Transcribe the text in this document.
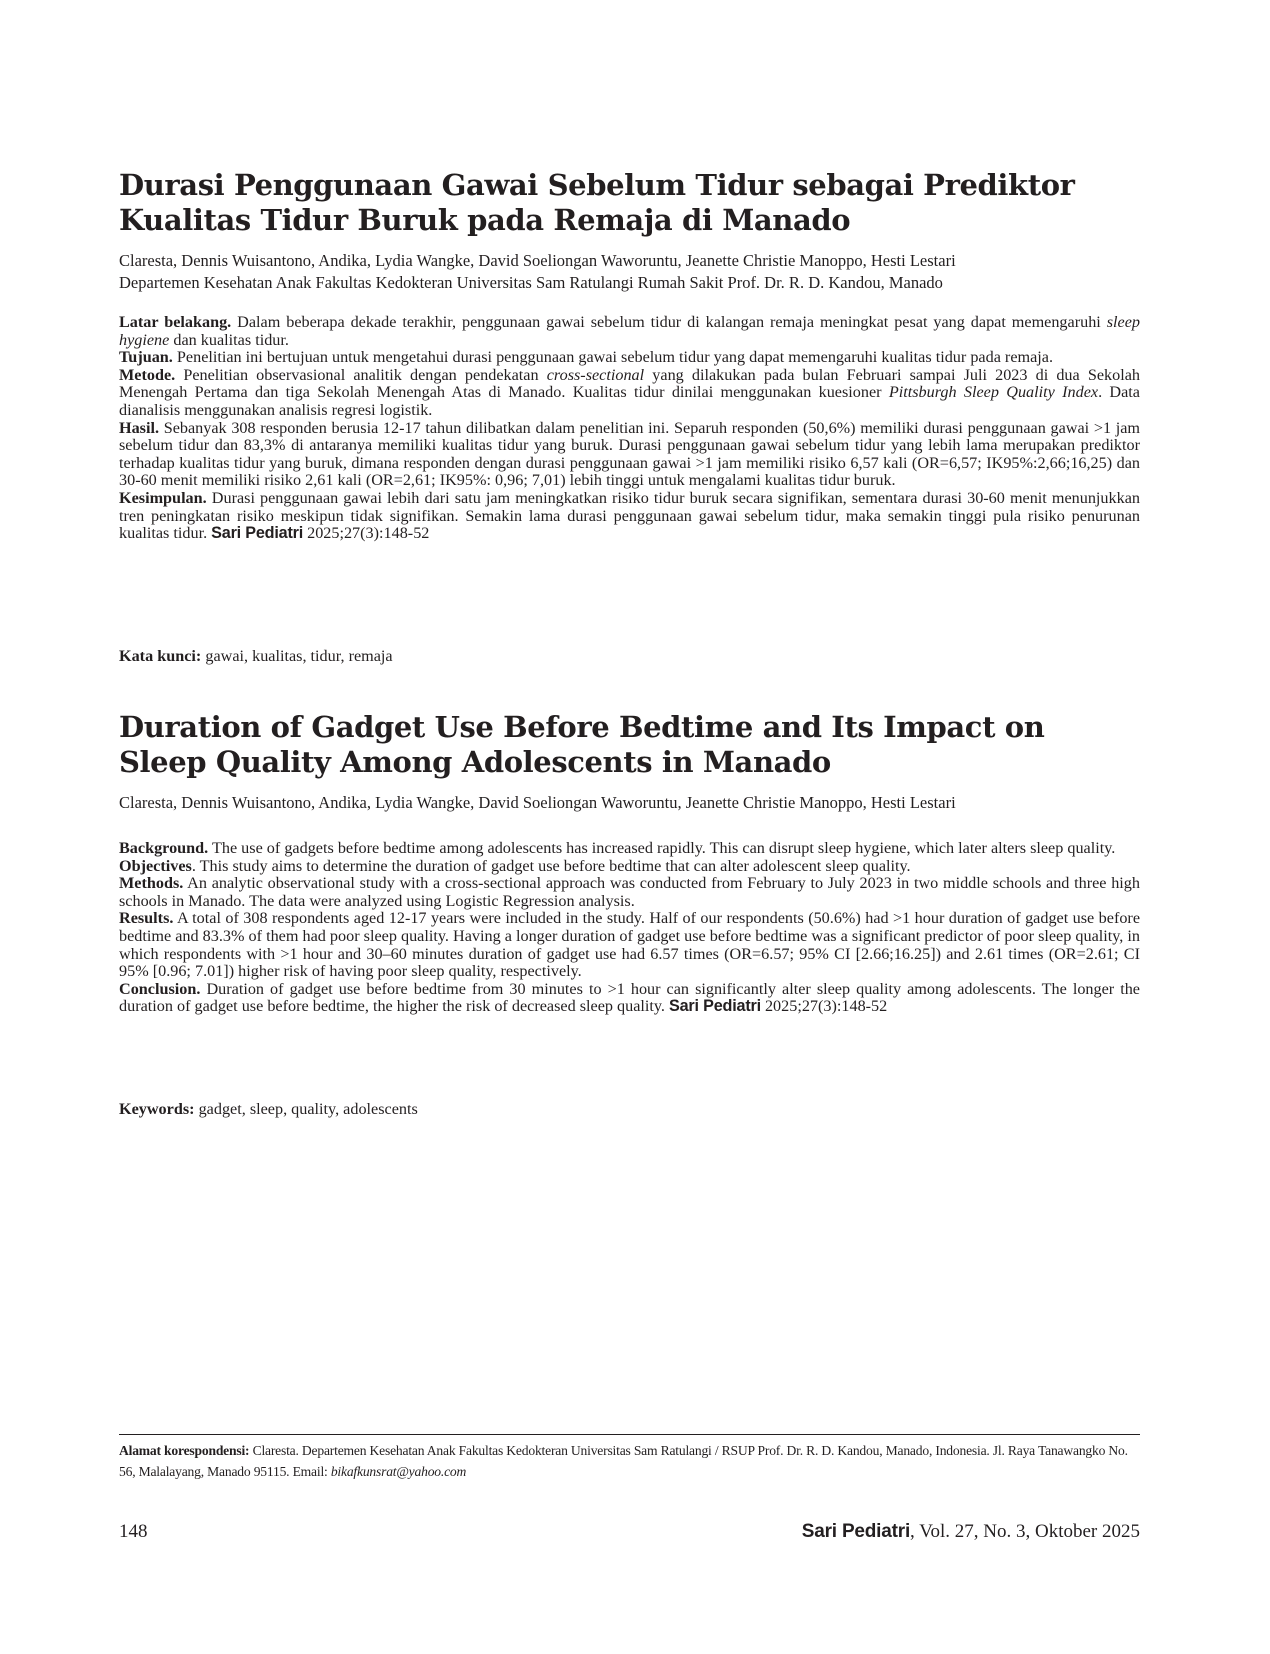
Durasi Penggunaan Gawai Sebelum Tidur sebagai Prediktor Kualitas Tidur Buruk pada Remaja di Manado
Claresta, Dennis Wuisantono, Andika, Lydia Wangke, David Soeliongan Waworuntu, Jeanette Christie Manoppo, Hesti Lestari
Departemen Kesehatan Anak Fakultas Kedokteran Universitas Sam Ratulangi Rumah Sakit Prof. Dr. R. D. Kandou, Manado

Latar belakang. Dalam beberapa dekade terakhir, penggunaan gawai sebelum tidur di kalangan remaja meningkat pesat yang dapat memengaruhi sleep hygiene dan kualitas tidur.

Tujuan. Penelitian ini bertujuan untuk mengetahui durasi penggunaan gawai sebelum tidur yang dapat memengaruhi kualitas tidur pada remaja.

Metode. Penelitian observasional analitik dengan pendekatan cross-sectional yang dilakukan pada bulan Februari sampai Juli 2023 di dua Sekolah Menengah Pertama dan tiga Sekolah Menengah Atas di Manado. Kualitas tidur dinilai menggunakan kuesioner Pittsburgh Sleep Quality Index. Data dianalisis menggunakan analisis regresi logistik.

Hasil. Sebanyak 308 responden berusia 12-17 tahun dilibatkan dalam penelitian ini. Separuh responden (50,6%) memiliki durasi penggunaan gawai >1 jam sebelum tidur dan 83,3% di antaranya memiliki kualitas tidur yang buruk. Durasi penggunaan gawai sebelum tidur yang lebih lama merupakan prediktor terhadap kualitas tidur yang buruk, dimana responden dengan durasi penggunaan gawai >1 jam memiliki risiko 6,57 kali (OR=6,57; IK95%:2,66;16,25) dan 30-60 menit memiliki risiko 2,61 kali (OR=2,61; IK95%: 0,96; 7,01) lebih tinggi untuk mengalami kualitas tidur buruk.

Kesimpulan. Durasi penggunaan gawai lebih dari satu jam meningkatkan risiko tidur buruk secara signifikan, sementara durasi 30-60 menit menunjukkan tren peningkatan risiko meskipun tidak signifikan. Semakin lama durasi penggunaan gawai sebelum tidur, maka semakin tinggi pula risiko penurunan kualitas tidur. Sari Pediatri 2025;27(3):148-52

Kata kunci: gawai, kualitas, tidur, remaja
Duration of Gadget Use Before Bedtime and Its Impact on Sleep Quality Among Adolescents in Manado
Claresta, Dennis Wuisantono, Andika, Lydia Wangke, David Soeliongan Waworuntu, Jeanette Christie Manoppo, Hesti Lestari

Background. The use of gadgets before bedtime among adolescents has increased rapidly. This can disrupt sleep hygiene, which later alters sleep quality.

Objectives. This study aims to determine the duration of gadget use before bedtime that can alter adolescent sleep quality.

Methods. An analytic observational study with a cross-sectional approach was conducted from February to July 2023 in two middle schools and three high schools in Manado. The data were analyzed using Logistic Regression analysis.

Results. A total of 308 respondents aged 12-17 years were included in the study. Half of our respondents (50.6%) had >1 hour duration of gadget use before bedtime and 83.3% of them had poor sleep quality. Having a longer duration of gadget use before bedtime was a significant predictor of poor sleep quality, in which respondents with >1 hour and 30–60 minutes duration of gadget use had 6.57 times (OR=6.57; 95% CI [2.66;16.25]) and 2.61 times (OR=2.61; CI 95% [0.96; 7.01]) higher risk of having poor sleep quality, respectively.

Conclusion. Duration of gadget use before bedtime from 30 minutes to >1 hour can significantly alter sleep quality among adolescents. The longer the duration of gadget use before bedtime, the higher the risk of decreased sleep quality. Sari Pediatri 2025;27(3):148-52

Keywords: gadget, sleep, quality, adolescents
Alamat korespondensi: Claresta. Departemen Kesehatan Anak Fakultas Kedokteran Universitas Sam Ratulangi / RSUP Prof. Dr. R. D. Kandou, Manado, Indonesia. Jl. Raya Tanawangko No. 56, Malalayang, Manado 95115. Email: bikafkunsrat@yahoo.com
148	Sari Pediatri, Vol. 27, No. 3, Oktober 2025
